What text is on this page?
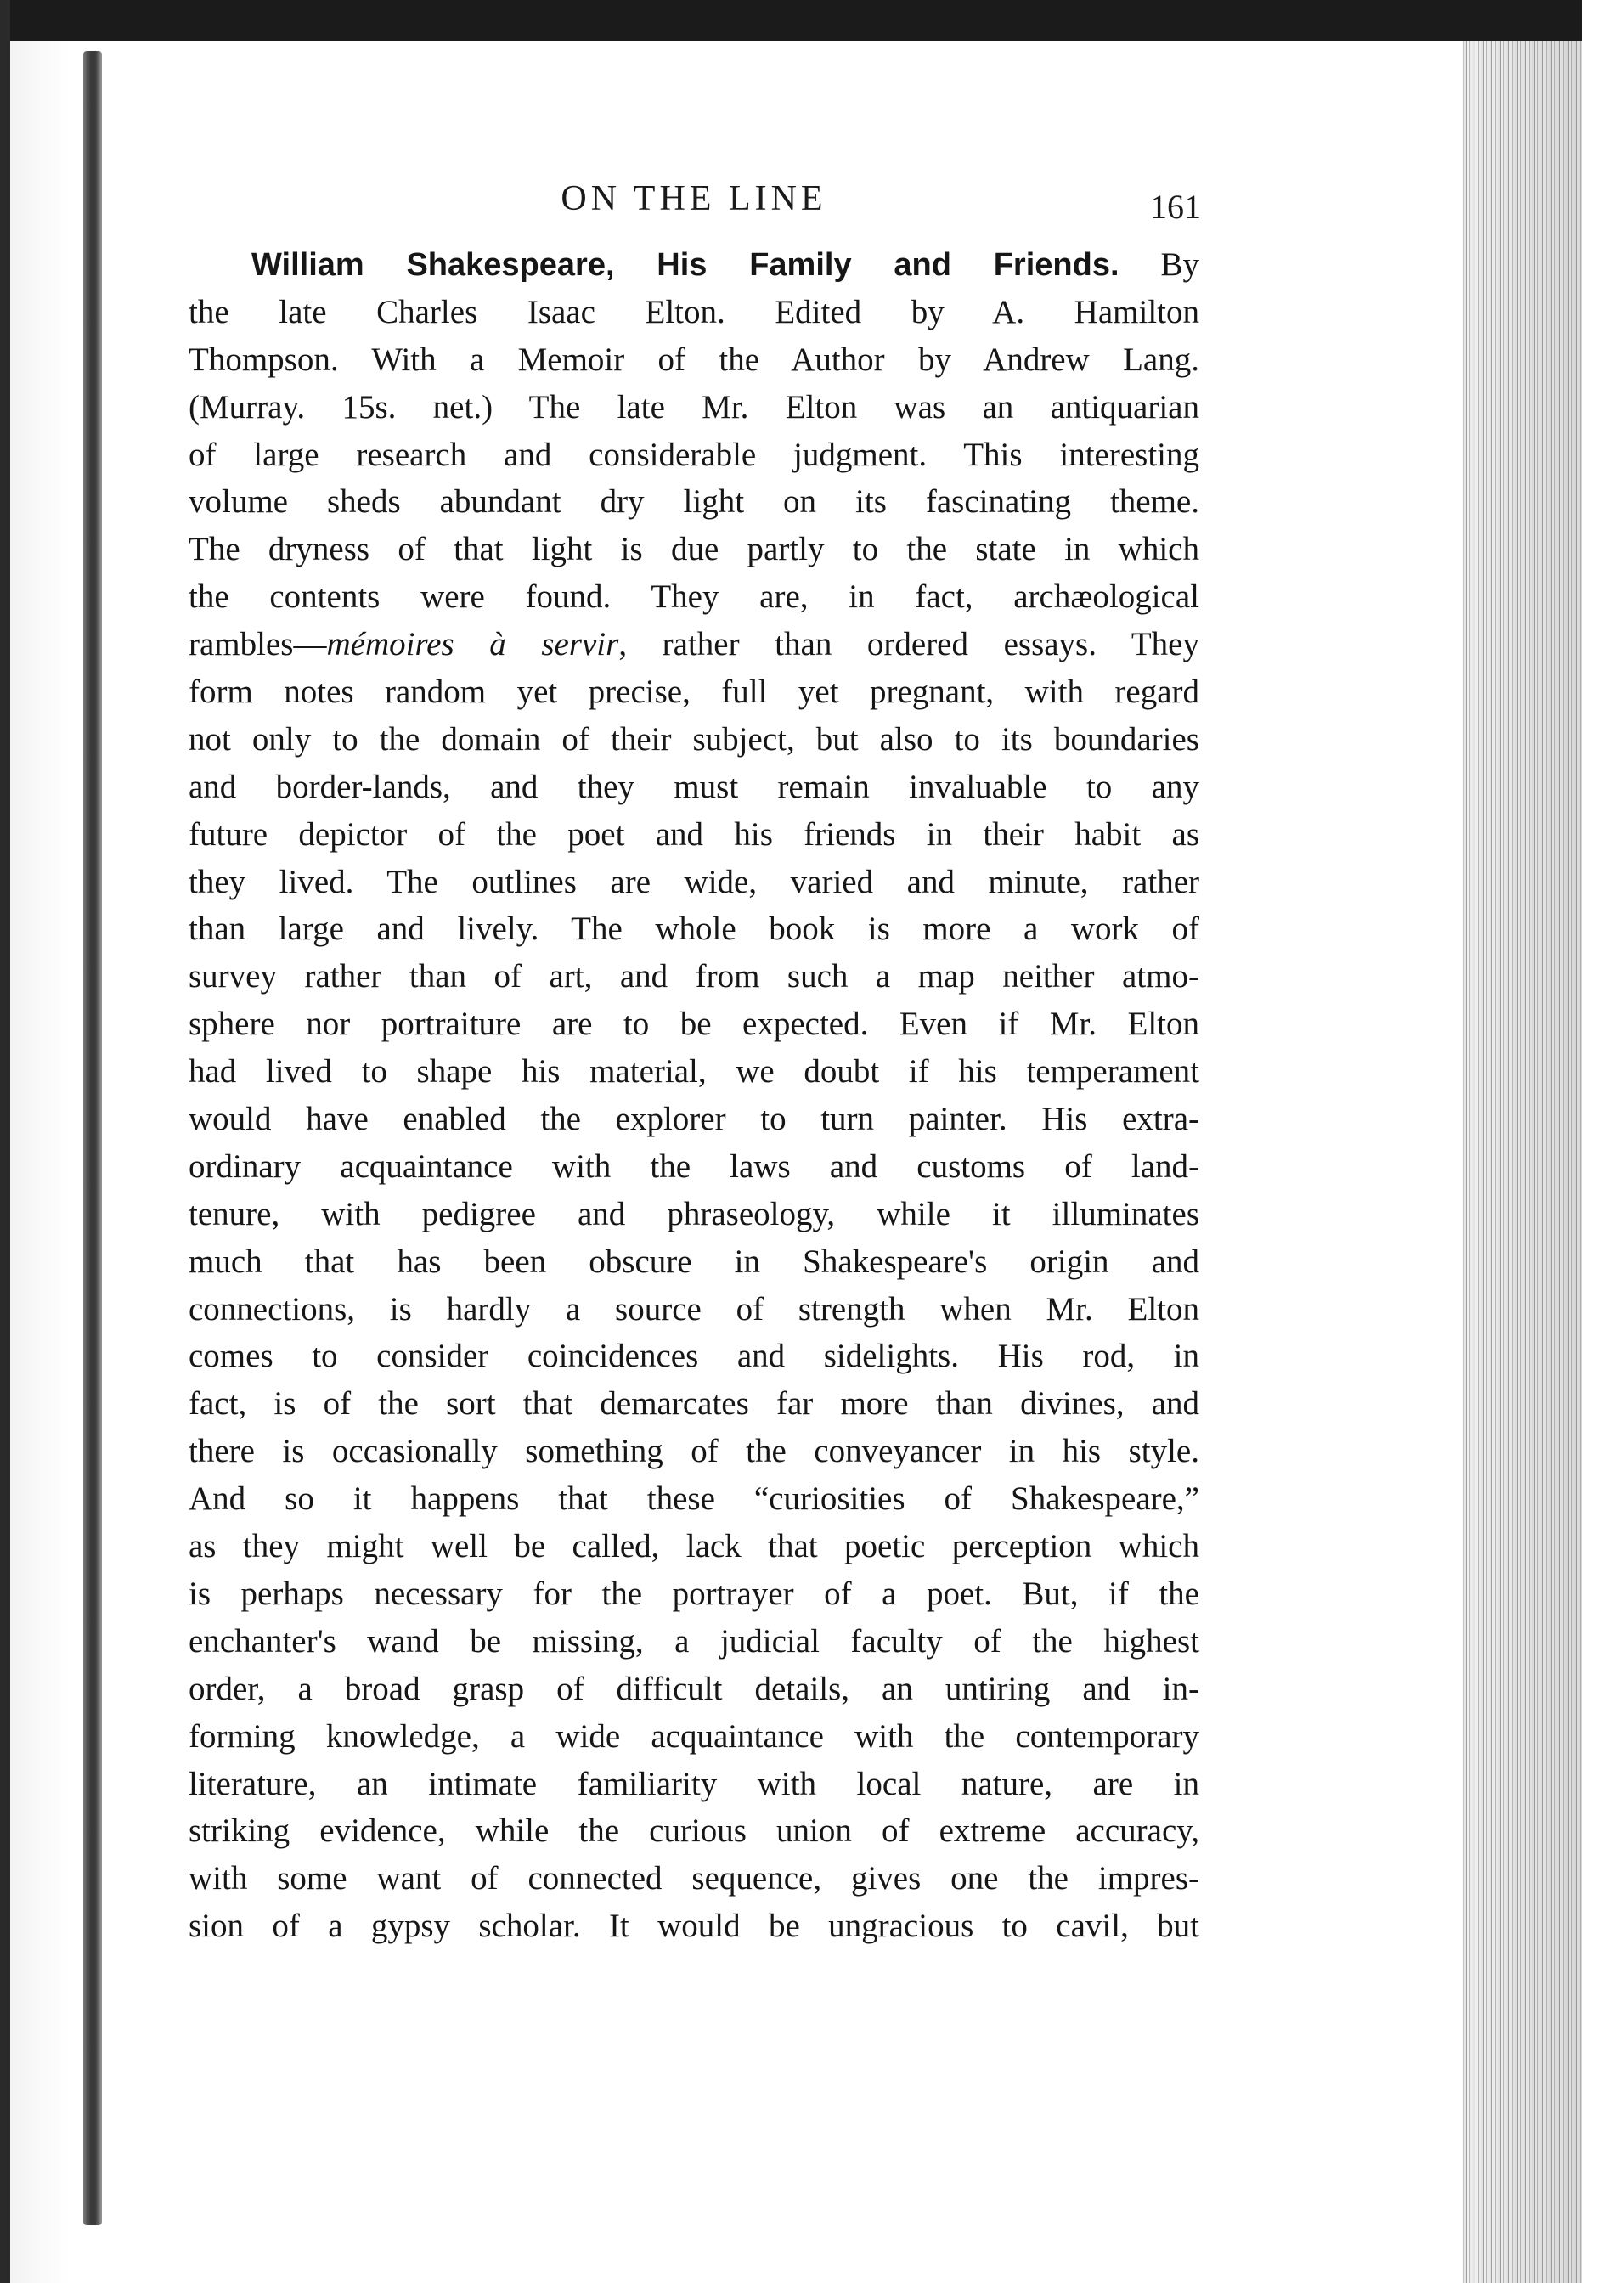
ON THE LINE	161
William Shakespeare, His Family and Friends. By
the late Charles Isaac Elton. Edited by A. Hamilton
Thompson. With a Memoir of the Author by Andrew Lang.
(Murray. 15s. net.) The late Mr. Elton was an antiquarian
of large research and considerable judgment. This interesting
volume sheds abundant dry light on its fascinating theme.
The dryness of that light is due partly to the state in which
the contents were found. They are, in fact, archæological
rambles—mémoires à servir, rather than ordered essays. They
form notes random yet precise, full yet pregnant, with regard
not only to the domain of their subject, but also to its boundaries
and border-lands, and they must remain invaluable to any
future depictor of the poet and his friends in their habit as
they lived. The outlines are wide, varied and minute, rather
than large and lively. The whole book is more a work of
survey rather than of art, and from such a map neither atmo-
sphere nor portraiture are to be expected. Even if Mr. Elton
had lived to shape his material, we doubt if his temperament
would have enabled the explorer to turn painter. His extra-
ordinary acquaintance with the laws and customs of land-
tenure, with pedigree and phraseology, while it illuminates
much that has been obscure in Shakespeare's origin and
connections, is hardly a source of strength when Mr. Elton
comes to consider coincidences and sidelights. His rod, in
fact, is of the sort that demarcates far more than divines, and
there is occasionally something of the conveyancer in his style.
And so it happens that these “curiosities of Shakespeare,”
as they might well be called, lack that poetic perception which
is perhaps necessary for the portrayer of a poet. But, if the
enchanter's wand be missing, a judicial faculty of the highest
order, a broad grasp of difficult details, an untiring and in-
forming knowledge, a wide acquaintance with the contemporary
literature, an intimate familiarity with local nature, are in
striking evidence, while the curious union of extreme accuracy,
with some want of connected sequence, gives one the impres-
sion of a gypsy scholar. It would be ungracious to cavil, but
